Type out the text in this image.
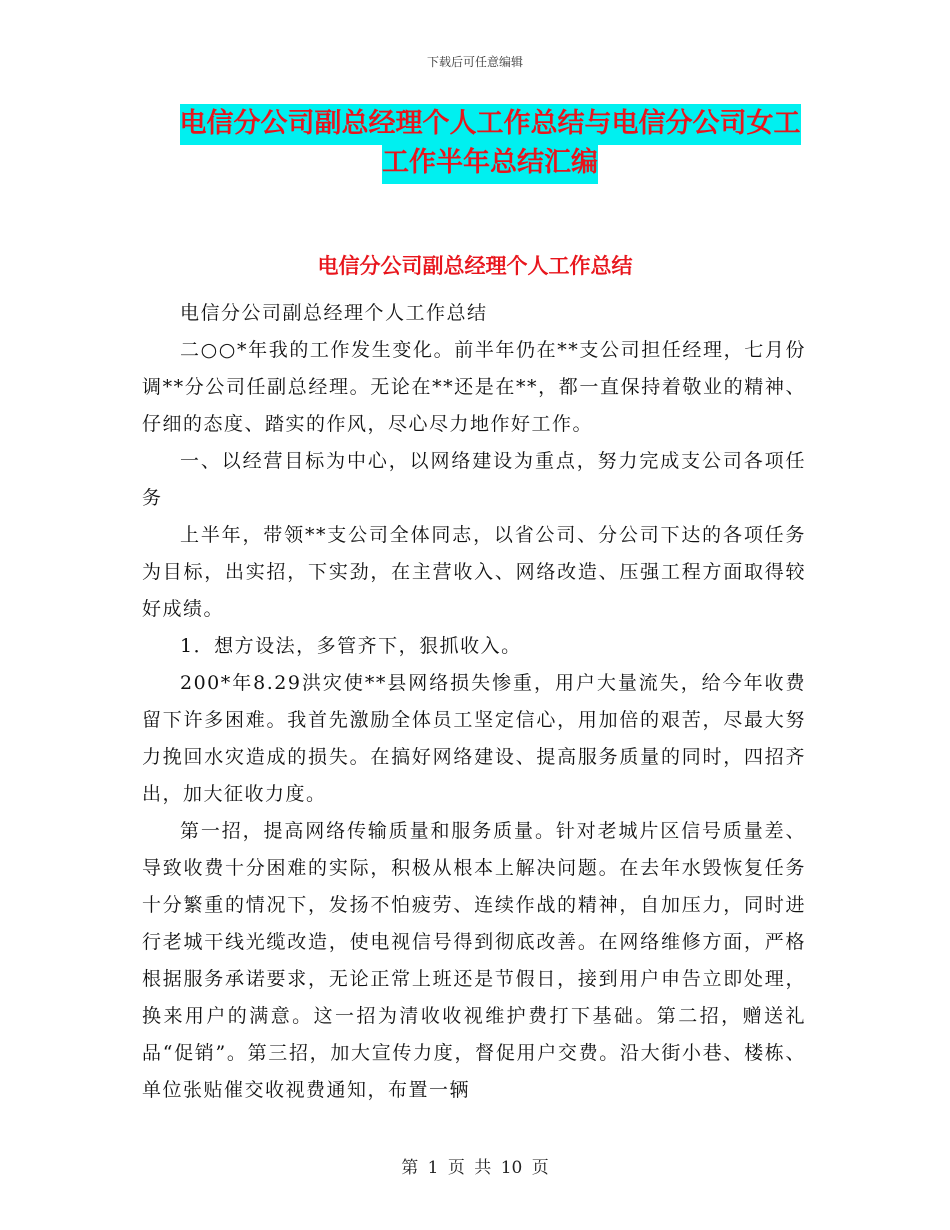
下载后可任意编辑
电信分公司副总经理个人工作总结与电信分公司女工
工作半年总结汇编
电信分公司副总经理个人工作总结

电信分公司副总经理个人工作总结

二○○*年我的工作发生变化。前半年仍在**支公司担任经理，七月份调**分公司任副总经理。无论在**还是在**，都一直保持着敬业的精神、仔细的态度、踏实的作风，尽心尽力地作好工作。

一、以经营目标为中心，以网络建设为重点，努力完成支公司各项任务

上半年，带领**支公司全体同志，以省公司、分公司下达的各项任务为目标，出实招，下实劲，在主营收入、网络改造、压强工程方面取得较好成绩。

1．想方设法，多管齐下，狠抓收入。

200*年8.29洪灾使**县网络损失惨重，用户大量流失，给今年收费留下许多困难。我首先激励全体员工坚定信心，用加倍的艰苦，尽最大努力挽回水灾造成的损失。在搞好网络建设、提高服务质量的同时，四招齐出，加大征收力度。

第一招，提高网络传输质量和服务质量。针对老城片区信号质量差、导致收费十分困难的实际，积极从根本上解决问题。在去年水毁恢复任务十分繁重的情况下，发扬不怕疲劳、连续作战的精神，自加压力，同时进行老城干线光缆改造，使电视信号得到彻底改善。在网络维修方面，严格根据服务承诺要求，无论正常上班还是节假日，接到用户申告立即处理，换来用户的满意。这一招为清收收视维护费打下基础。第二招，赠送礼品“促销”。第三招，加大宣传力度，督促用户交费。沿大街小巷、楼栋、单位张贴催交收视费通知，布置一辆

第 1 页 共 10 页
